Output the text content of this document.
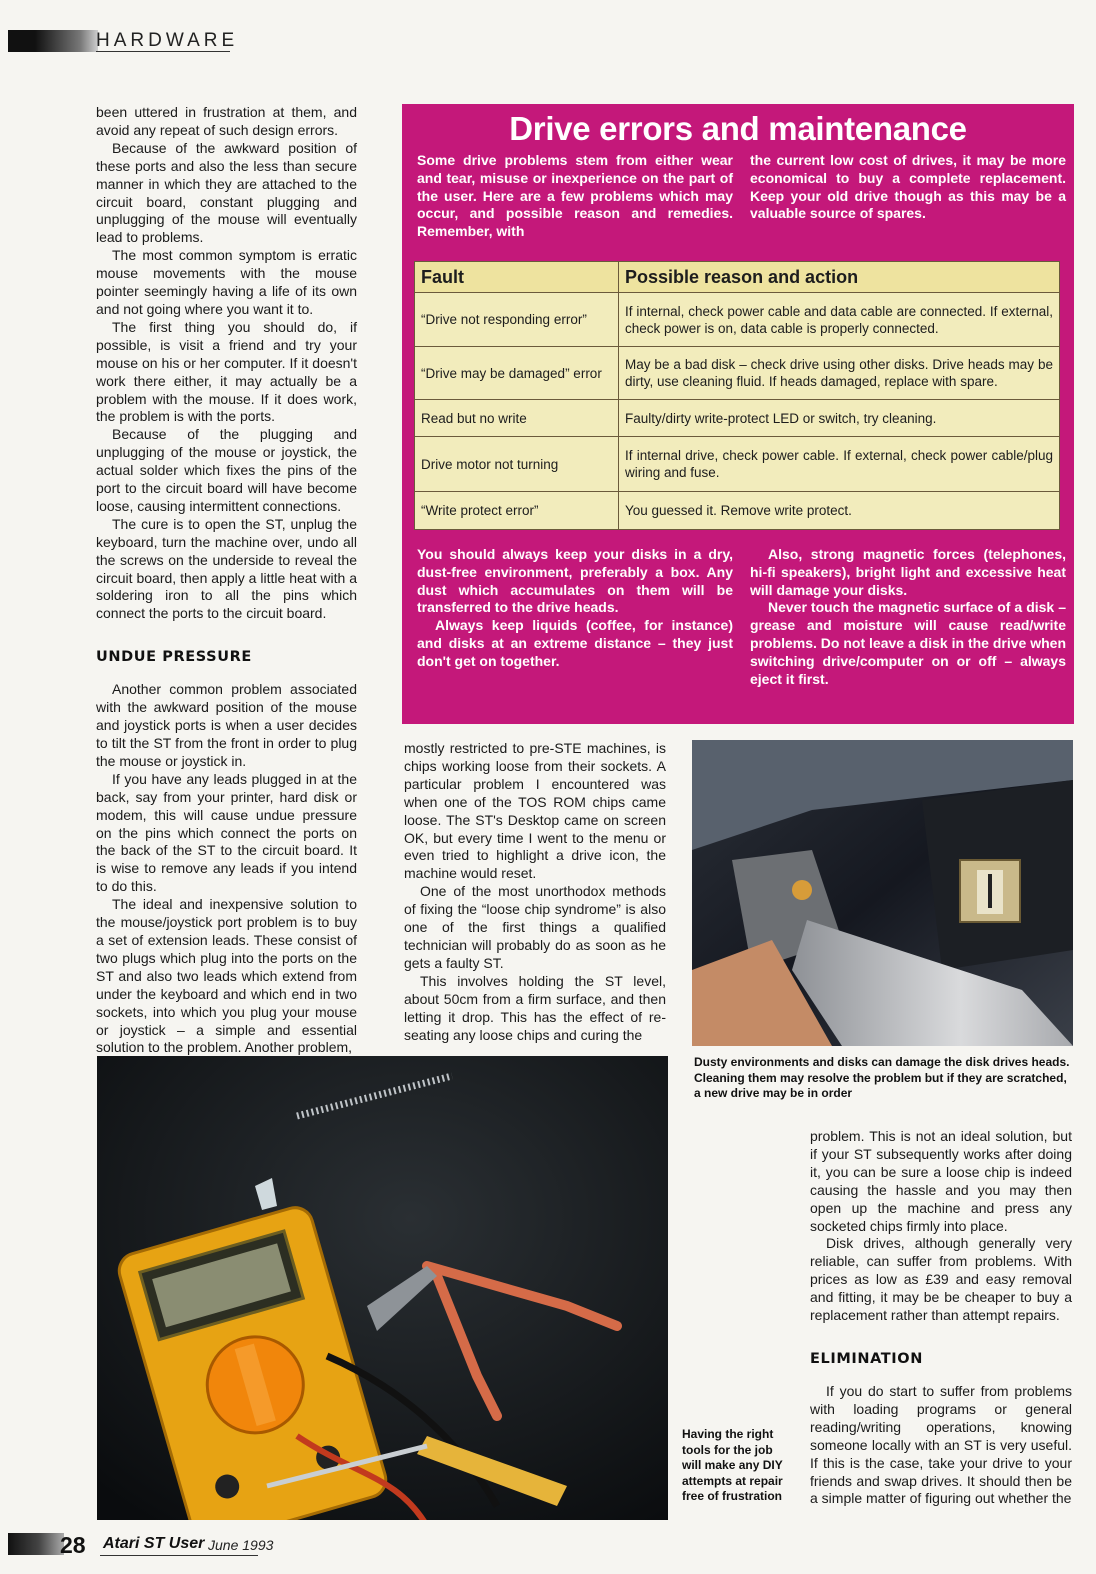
HARDWARE

been uttered in frustration at them, and avoid any repeat of such design errors.

Because of the awkward position of these ports and also the less than secure manner in which they are attached to the circuit board, constant plugging and unplugging of the mouse will eventually lead to problems.

The most common symptom is erratic mouse movements with the mouse pointer seemingly having a life of its own and not going where you want it to.

The first thing you should do, if possible, is visit a friend and try your mouse on his or her computer. If it doesn't work there either, it may actually be a problem with the mouse. If it does work, the problem is with the ports.

Because of the plugging and unplugging of the mouse or joystick, the actual solder which fixes the pins of the port to the circuit board will have become loose, causing intermittent connections.

The cure is to open the ST, unplug the keyboard, turn the machine over, undo all the screws on the underside to reveal the circuit board, then apply a little heat with a soldering iron to all the pins which connect the ports to the circuit board.

UNDUE PRESSURE

Another common problem associated with the awkward position of the mouse and joystick ports is when a user decides to tilt the ST from the front in order to plug the mouse or joystick in.

If you have any leads plugged in at the back, say from your printer, hard disk or modem, this will cause undue pressure on the pins which connect the ports on the back of the ST to the circuit board. It is wise to remove any leads if you intend to do this.

The ideal and inexpensive solution to the mouse/joystick port problem is to buy a set of extension leads. These consist of two plugs which plug into the ports on the ST and also two leads which extend from under the keyboard and which end in two sockets, into which you plug your mouse or joystick – a simple and essential solution to the problem. Another problem,

Drive errors and maintenance

Some drive problems stem from either wear and tear, misuse or inexperience on the part of the user. Here are a few problems which may occur, and possible reason and remedies. Remember, with

the current low cost of drives, it may be more economical to buy a complete replacement. Keep your old drive though as this may be a valuable source of spares.

You should always keep your disks in a dry, dust-free environment, preferably a box. Any dust which accumulates on them will be transferred to the drive heads.

Always keep liquids (coffee, for instance) and disks at an extreme distance – they just don't get on together.

Also, strong magnetic forces (telephones, hi-fi speakers), bright light and excessive heat will damage your disks.

Never touch the magnetic surface of a disk – grease and moisture will cause read/write problems. Do not leave a disk in the drive when switching drive/computer on or off – always eject it first.

Fault	Possible reason and action
“Drive not responding error”	If internal, check power cable and data cable are connected. If external, check power is on, data cable is properly connected.
“Drive may be damaged” error	May be a bad disk – check drive using other disks. Drive heads may be dirty, use cleaning fluid. If heads damaged, replace with spare.
Read but no write	Faulty/dirty write-protect LED or switch, try cleaning.
Drive motor not turning	If internal drive, check power cable. If external, check power cable/plug wiring and fuse.
“Write protect error”	You guessed it. Remove write protect.

mostly restricted to pre-STE machines, is chips working loose from their sockets. A particular problem I encountered was when one of the TOS ROM chips came loose. The ST's Desktop came on screen OK, but every time I went to the menu or even tried to highlight a drive icon, the machine would reset.

One of the most unorthodox methods of fixing the “loose chip syndrome” is also one of the first things a qualified technician will probably do as soon as he gets a faulty ST.

This involves holding the ST level, about 50cm from a firm surface, and then letting it drop. This has the effect of re-seating any loose chips and curing the

Dusty environments and disks can damage the disk drives heads. Cleaning them may resolve the problem but if they are scratched, a new drive may be in order
Having the right tools for the job will make any DIY attempts at repair free of frustration

problem. This is not an ideal solution, but if your ST subsequently works after doing it, you can be sure a loose chip is indeed causing the hassle and you may then open up the machine and press any socketed chips firmly into place.

Disk drives, although generally very reliable, can suffer from problems. With prices as low as £39 and easy removal and fitting, it may be be cheaper to buy a replacement rather than attempt repairs.

ELIMINATION

If you do start to suffer from problems with loading programs or general reading/writing operations, knowing someone locally with an ST is very useful. If this is the case, take your drive to your friends and swap drives. It should then be a simple matter of figuring out whether the

28 Atari ST User June 1993
